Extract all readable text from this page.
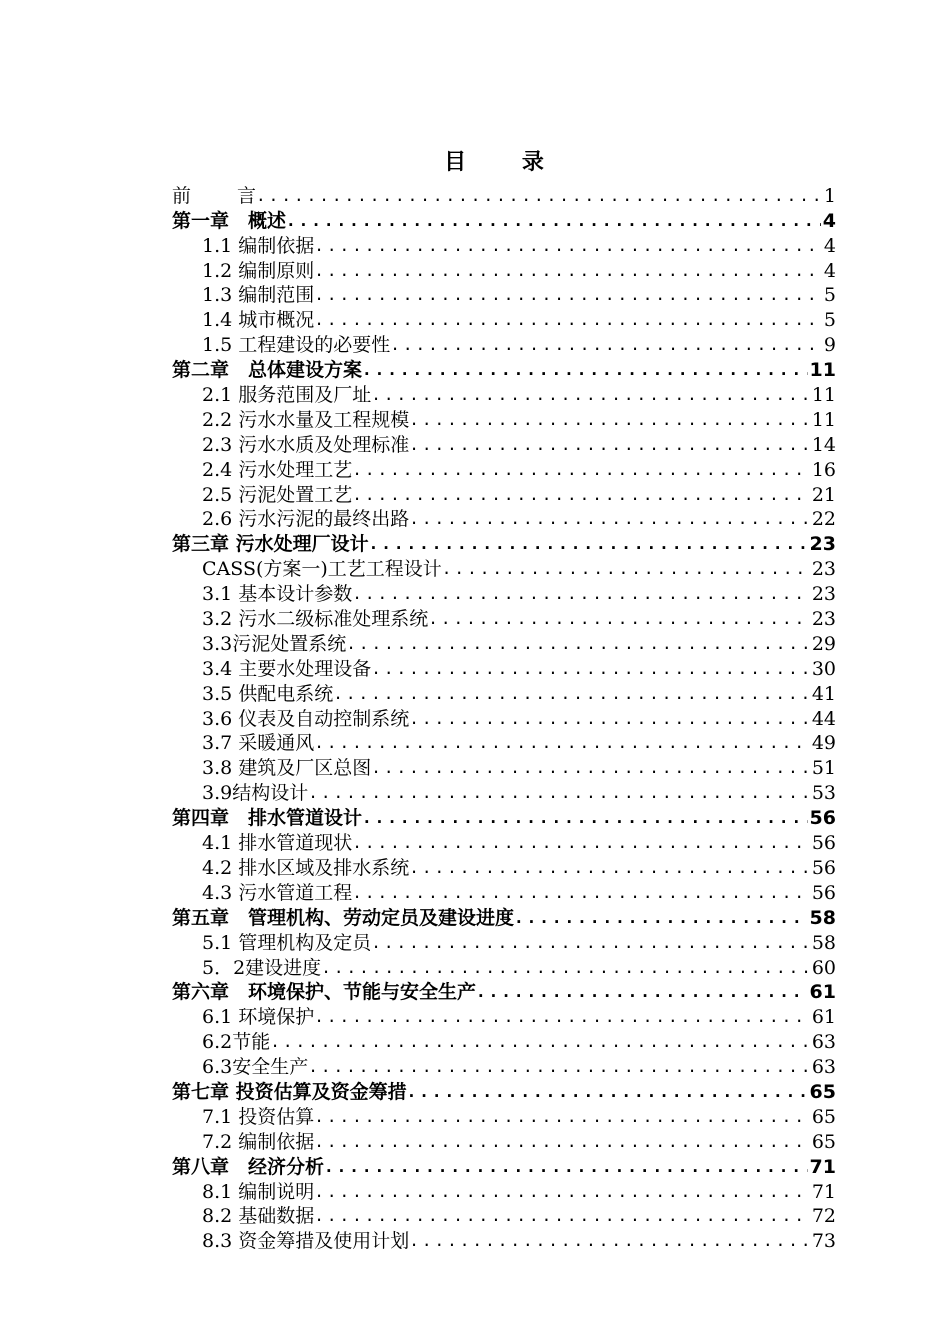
目 录
前 言 .....	1
第一章　概述 .....	4
1.1 编制依据 .....	4
1.2 编制原则 .....	4
1.3 编制范围 .....	5
1.4 城市概况 .....	5
1.5 工程建设的必要性 .....	9
第二章　总体建设方案 .....	11
2.1 服务范围及厂址 .....	11
2.2 污水水量及工程规模 .....	11
2.3 污水水质及处理标准 .....	14
2.4 污水处理工艺 .....	16
2.5 污泥处置工艺 .....	21
2.6 污水污泥的最终出路 .....	22
第三章 污水处理厂设计 .....	23
CASS(方案一)工艺工程设计 .....	23
3.1 基本设计参数 .....	23
3.2 污水二级标准处理系统 .....	23
3.3污泥处置系统 .....	29
3.4 主要水处理设备 .....	30
3.5 供配电系统 .....	41
3.6 仪表及自动控制系统 .....	44
3.7 采暖通风 .....	49
3.8 建筑及厂区总图 .....	51
3.9结构设计 .....	53
第四章　排水管道设计 .....	56
4.1 排水管道现状 .....	56
4.2 排水区域及排水系统 .....	56
4.3 污水管道工程 .....	56
第五章　管理机构、劳动定员及建设进度 .....	58
5.1 管理机构及定员 .....	58
5．2建设进度 .....	60
第六章　环境保护、节能与安全生产 .....	61
6.1 环境保护 .....	61
6.2节能 .....	63
6.3安全生产 .....	63
第七章 投资估算及资金筹措 .....	65
7.1 投资估算 .....	65
7.2 编制依据 .....	65
第八章　经济分析 .....	71
8.1 编制说明 .....	71
8.2 基础数据 .....	72
8.3 资金筹措及使用计划 .....	73
